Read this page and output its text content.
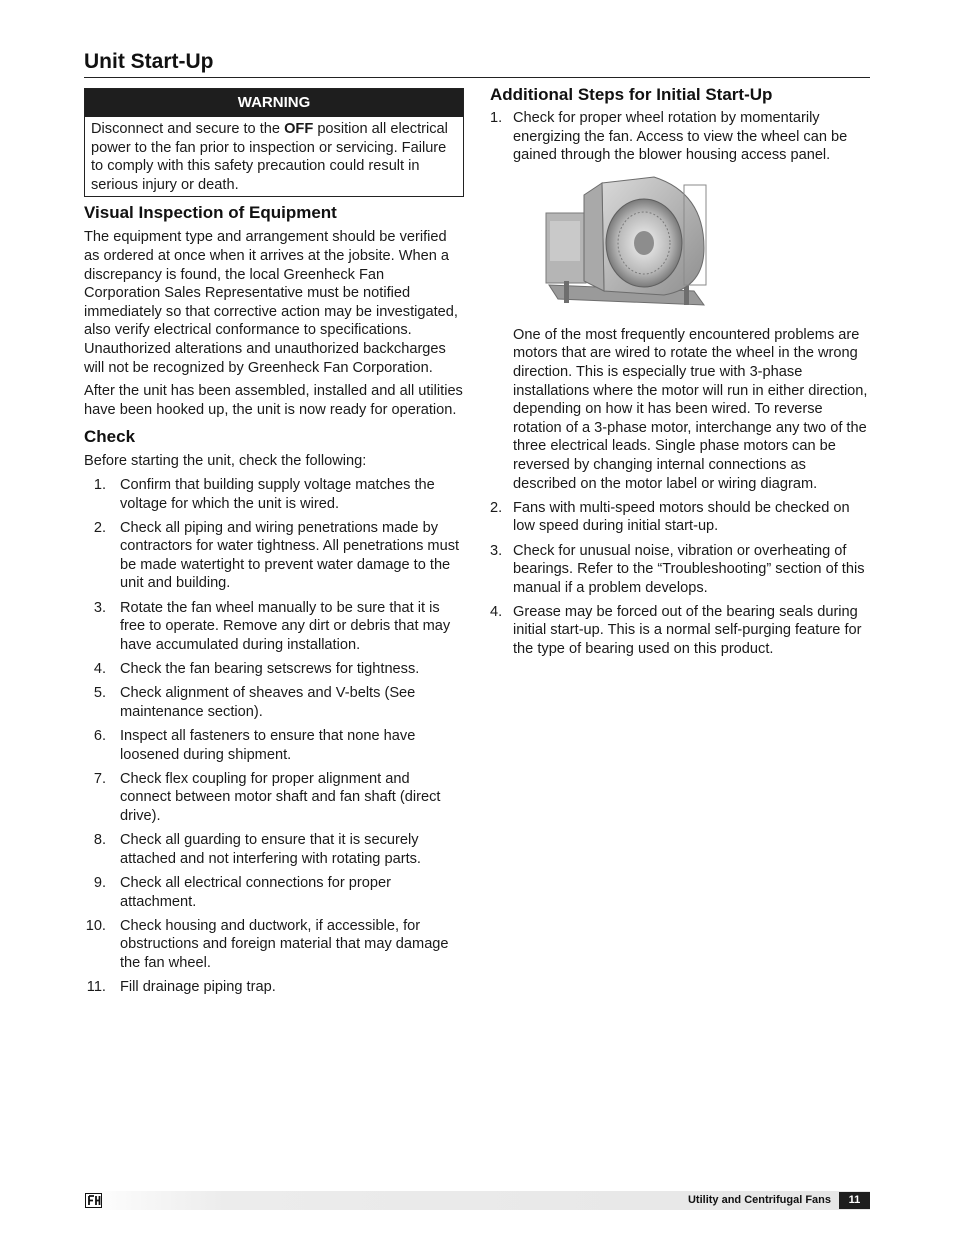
Unit Start-Up
WARNING
Disconnect and secure to the OFF position all electrical power to the fan prior to inspection or servicing. Failure to comply with this safety precaution could result in serious injury or death.
Visual Inspection of Equipment

The equipment type and arrangement should be verified as ordered at once when it arrives at the jobsite. When a discrepancy is found, the local Greenheck Fan Corporation Sales Representative must be notified immediately so that corrective action may be investigated, also verify electrical conformance to specifications. Unauthorized alterations and unauthorized backcharges will not be recognized by Greenheck Fan Corporation.

After the unit has been assembled, installed and all utilities have been hooked up, the unit is now ready for operation.

Check

Before starting the unit, check the following:

1. Confirm that building supply voltage matches the voltage for which the unit is wired.
2. Check all piping and wiring penetrations made by contractors for water tightness. All penetrations must be made watertight to prevent water damage to the unit and building.
3. Rotate the fan wheel manually to be sure that it is free to operate. Remove any dirt or debris that may have accumulated during installation.
4. Check the fan bearing setscrews for tightness.
5. Check alignment of sheaves and V-belts (See maintenance section).
6. Inspect all fasteners to ensure that none have loosened during shipment.
7. Check flex coupling for proper alignment and connect between motor shaft and fan shaft (direct drive).
8. Check all guarding to ensure that it is securely attached and not interfering with rotating parts.
9. Check all electrical connections for proper attachment.
10. Check housing and ductwork, if accessible, for obstructions and foreign material that may damage the fan wheel.
11. Fill drainage piping trap.
Additional Steps for Initial Start-Up
1. Check for proper wheel rotation by momentarily energizing the fan. Access to view the wheel can be gained through the blower housing access panel.

One of the most frequently encountered problems are motors that are wired to rotate the wheel in the wrong direction. This is especially true with 3-phase installations where the motor will run in either direction, depending on how it has been wired. To reverse rotation of a 3-phase motor, interchange any two of the three electrical leads. Single phase motors can be reversed by changing internal connections as described on the motor label or wiring diagram.

2. Fans with multi-speed motors should be checked on low speed during initial start-up.
3. Check for unusual noise, vibration or overheating of bearings. Refer to the “Troubleshooting” section of this manual if a problem develops.
4. Grease may be forced out of the bearing seals during initial start-up. This is a normal self-purging feature for the type of bearing used on this product.
Utility and Centrifugal Fans	11
